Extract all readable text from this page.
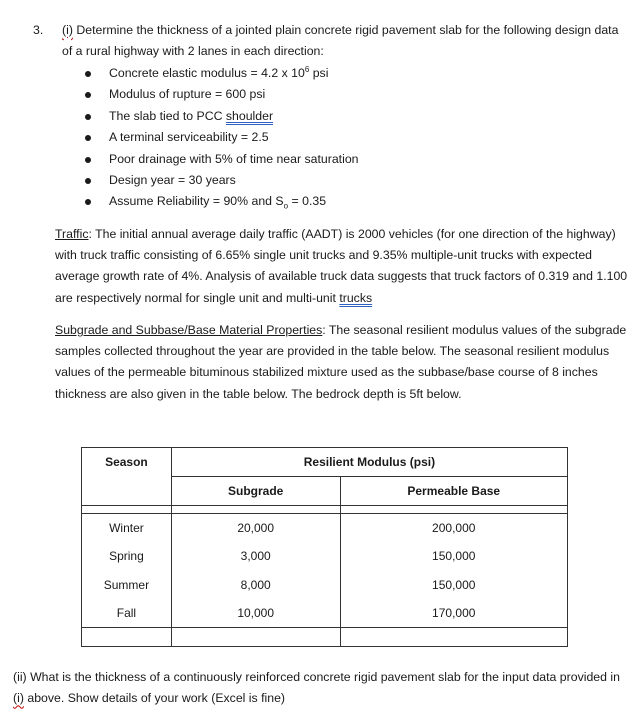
3. (i) Determine the thickness of a jointed plain concrete rigid pavement slab for the following design data of a rural highway with 2 lanes in each direction:
Concrete elastic modulus = 4.2 x $10^6$ psi
Modulus of rupture = 600 psi
The slab tied to PCC shoulder
A terminal serviceability = 2.5
Poor drainage with 5% of time near saturation
Design year = 30 years
Assume Reliability = 90% and $S_o = 0.35$

Traffic: The initial annual average daily traffic (AADT) is 2000 vehicles (for one direction of the highway) with truck traffic consisting of 6.65% single unit trucks and 9.35% multiple-unit trucks with expected average growth rate of 4%. Analysis of available truck data suggests that truck factors of 0.319 and 1.100 are respectively normal for single unit and multi-unit trucks

Subgrade and Subbase/Base Material Properties: The seasonal resilient modulus values of the subgrade samples collected throughout the year are provided in the table below. The seasonal resilient modulus values of the permeable bituminous stabilized mixture used as the subbase/base course of 8 inches thickness are also given in the table below. The bedrock depth is 5ft below.

Season	Resilient Modulus (psi)	
	Subgrade	Permeable Base

Winter	20,000	200,000
Spring	3,000	150,000
Summer	8,000	150,000
Fall	10,000	170,000

(ii) What is the thickness of a continuously reinforced concrete rigid pavement slab for the input data provided in (i) above. Show details of your work (Excel is fine)
